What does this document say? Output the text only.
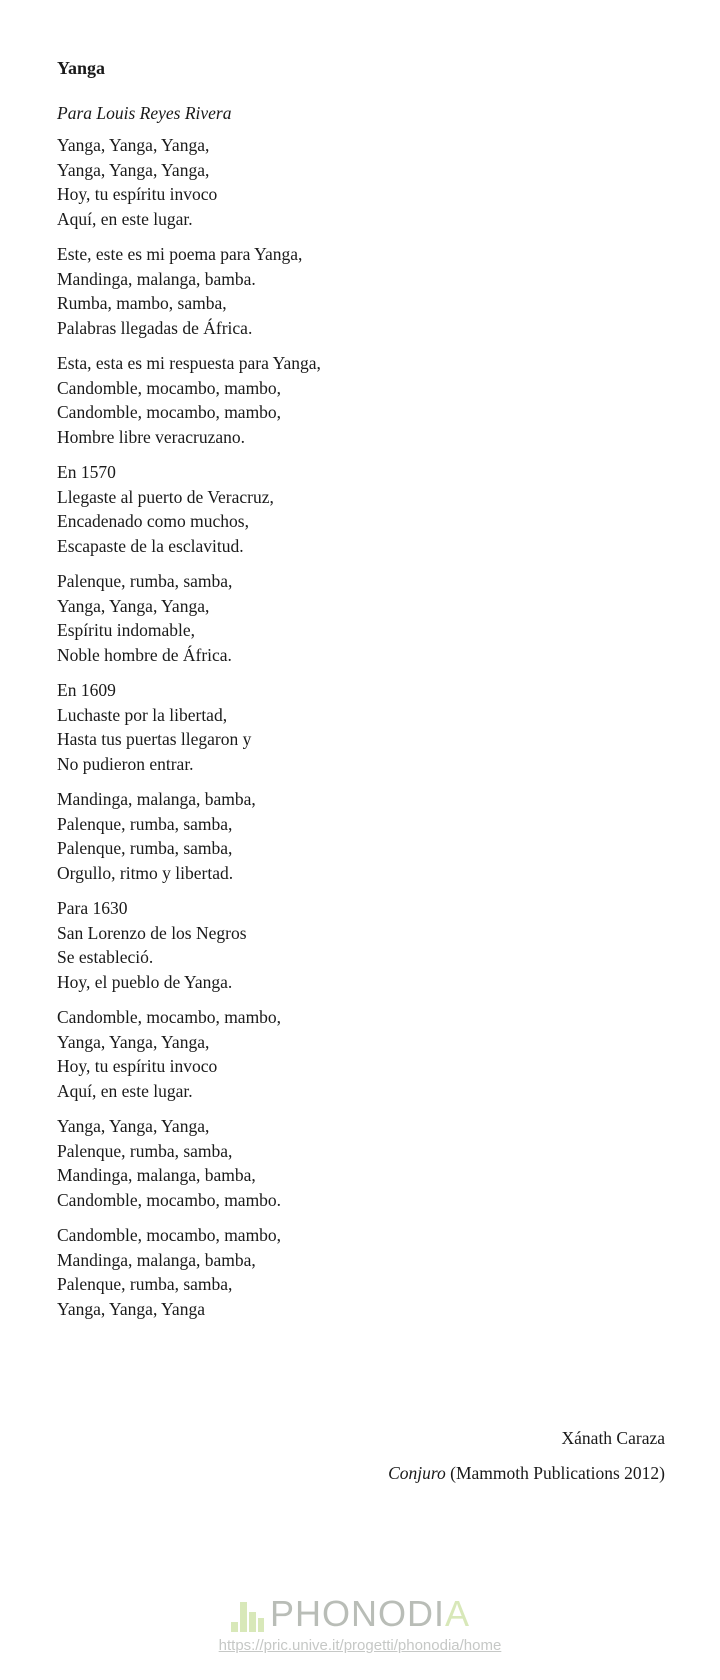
Yanga
Para Louis Reyes Rivera
Yanga, Yanga, Yanga,
Yanga, Yanga, Yanga,
Hoy, tu espíritu invoco
Aquí, en este lugar.
Este, este es mi poema para Yanga,
Mandinga, malanga, bamba.
Rumba, mambo, samba,
Palabras llegadas de África.
Esta, esta es mi respuesta para Yanga,
Candomble, mocambo, mambo,
Candomble, mocambo, mambo,
Hombre libre veracruzano.
En 1570
Llegaste al puerto de Veracruz,
Encadenado como muchos,
Escapaste de la esclavitud.
Palenque, rumba, samba,
Yanga, Yanga, Yanga,
Espíritu indomable,
Noble hombre de África.
En 1609
Luchaste por la libertad,
Hasta tus puertas llegaron y
No pudieron entrar.
Mandinga, malanga, bamba,
Palenque, rumba, samba,
Palenque, rumba, samba,
Orgullo, ritmo y libertad.
Para 1630
San Lorenzo de los Negros
Se estableció.
Hoy, el pueblo de Yanga.
Candomble, mocambo, mambo,
Yanga, Yanga, Yanga,
Hoy, tu espíritu invoco
Aquí, en este lugar.
Yanga, Yanga, Yanga,
Palenque, rumba, samba,
Mandinga, malanga, bamba,
Candomble, mocambo, mambo.
Candomble, mocambo, mambo,
Mandinga, malanga, bamba,
Palenque, rumba, samba,
Yanga, Yanga, Yanga
Xánath Caraza
Conjuro (Mammoth Publications 2012)
PHONODIA
https://pric.unive.it/progetti/phonodia/home
